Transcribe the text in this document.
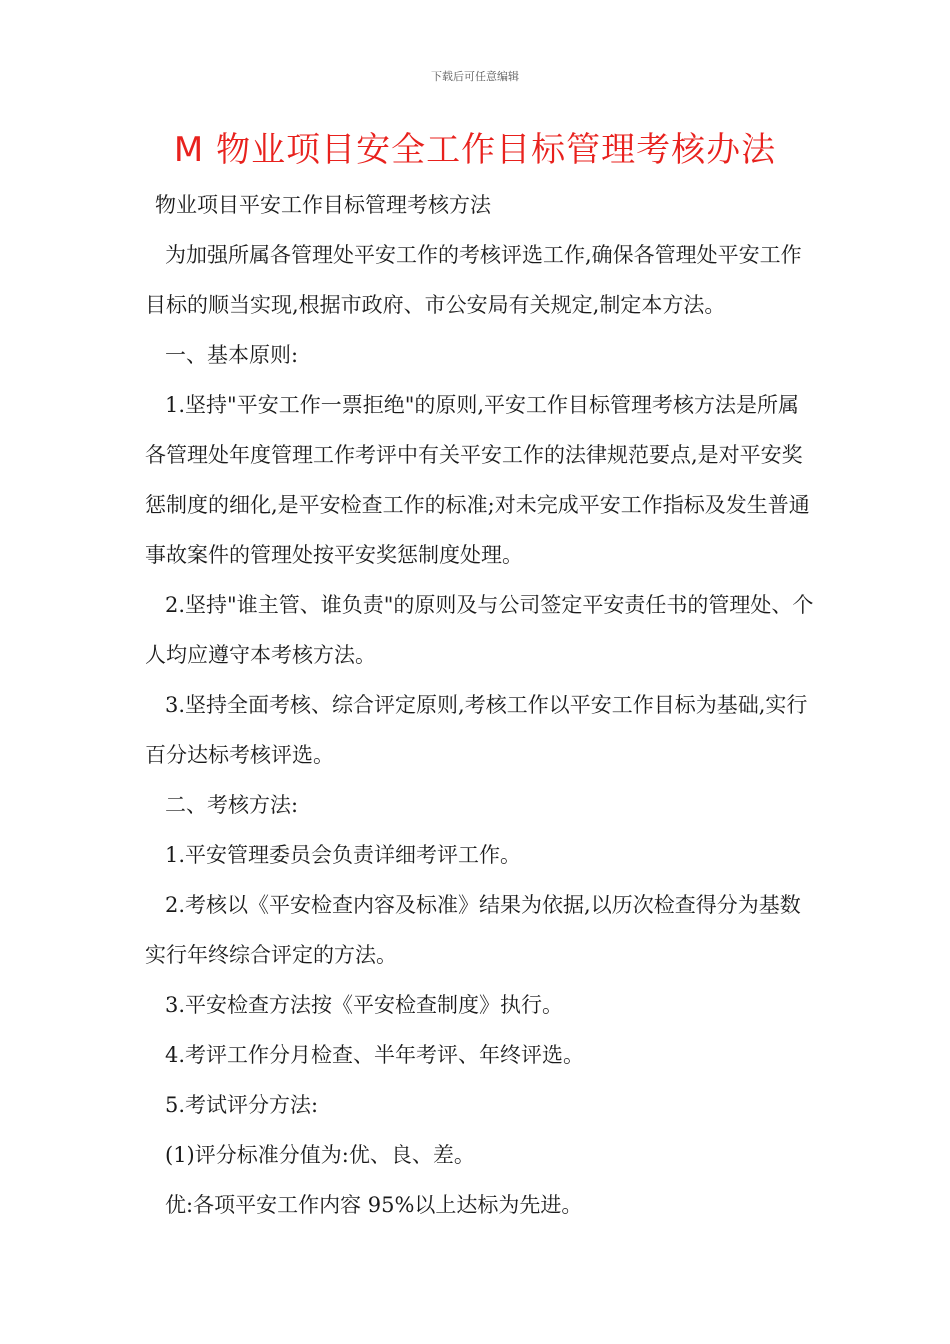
下载后可任意编辑
M 物业项目安全工作目标管理考核办法

物业项目平安工作目标管理考核方法

为加强所属各管理处平安工作的考核评选工作,确保各管理处平安工作目标的顺当实现,根据市政府、市公安局有关规定,制定本方法。

一、基本原则:

1.坚持"平安工作一票拒绝"的原则,平安工作目标管理考核方法是所属各管理处年度管理工作考评中有关平安工作的法律规范要点,是对平安奖惩制度的细化,是平安检查工作的标准;对未完成平安工作指标及发生普通事故案件的管理处按平安奖惩制度处理。

2.坚持"谁主管、谁负责"的原则及与公司签定平安责任书的管理处、个人均应遵守本考核方法。

3.坚持全面考核、综合评定原则,考核工作以平安工作目标为基础,实行百分达标考核评选。

二、考核方法:

1.平安管理委员会负责详细考评工作。

2.考核以《平安检查内容及标准》结果为依据,以历次检查得分为基数实行年终综合评定的方法。

3.平安检查方法按《平安检查制度》执行。

4.考评工作分月检查、半年考评、年终评选。

5.考试评分方法:

(1)评分标准分值为:优、良、差。

优:各项平安工作内容 95%以上达标为先进。
